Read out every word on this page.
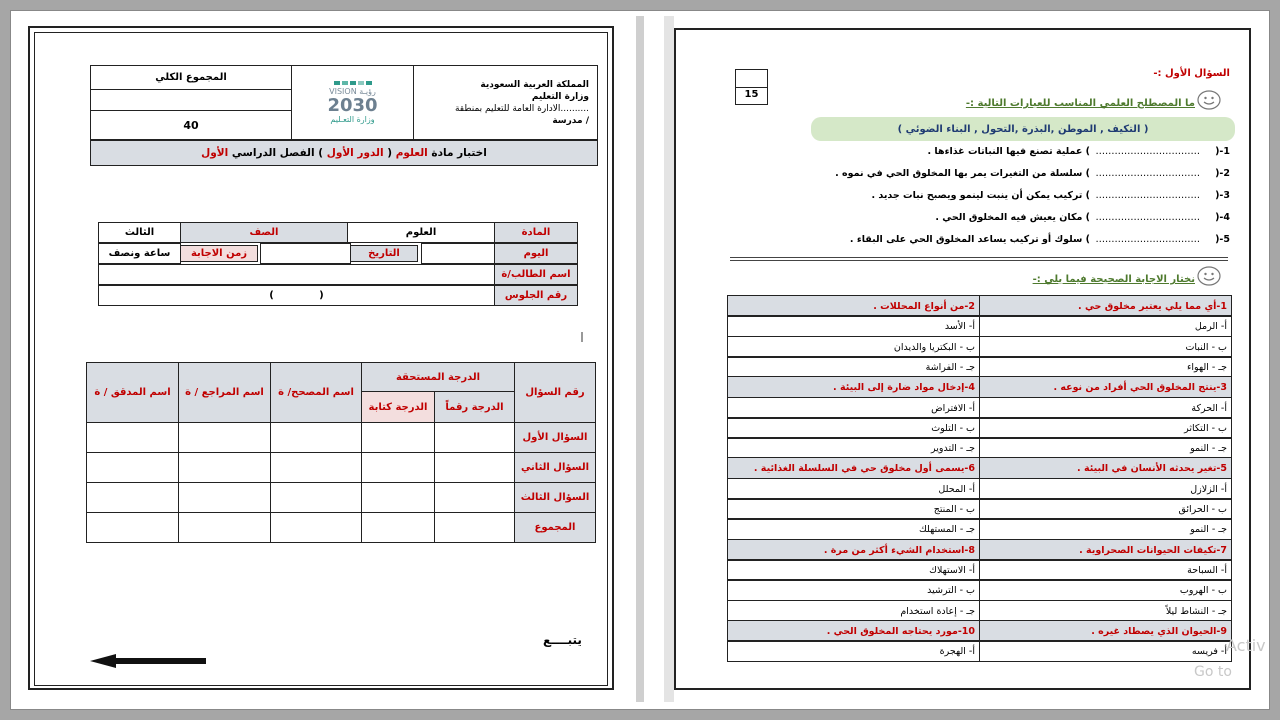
المجموع الكلي
40
VISION رؤيـة
2030
وزارة التعـليم
المملكة العربية السعودية
وزارة التعليم
الادارة العامة للتعليم بمنطقة..........
مدرسة /
اختبار مادة

العلوم

(

الدور الأول

)

الفصل الدراسي

الأول
المادة
العلوم
الصف
الثالث
اليوم
التاريخ
زمن الاجابة
ساعة ونصف
اسم الطالب/ة
رقم الجلوس
(             )
رقم السؤال
الدرجة المستحقة
الدرجة رقماً
الدرجة كتابة
اسم المصحح/ ة
اسم المراجع / ة
اسم المدقق / ة
السؤال الأول
السؤال الثاني
السؤال الثالث
المجموع
يتبــــع
السؤال الأول :-
15
ما المصطلح العلمي المناسب للعبارات التالية :-
( التكيف , الموطن ,البذرة ,التحول , البناء الضوئي )
1-(
……………………………
) عملية تصنع فيها النباتات غذاءها .
2-(
……………………………
) سلسلة من التغيرات يمر بها المخلوق الحي في نموه .
3-(
……………………………
) تركيب يمكن أن ينبت لينمو ويصبح نبات جديد .
4-(
……………………………
) مكان يعيش فيه المخلوق الحي .
5-(
……………………………
) سلوك أو تركيب يساعد المخلوق الحي على البقاء .
نختار الاجابة الصحيحة فيما يلي :-
1-أي مما يلي يعتبر مخلوق حي .
2-من أنواع المحللات .
أ- الرمل
أ- الأسد
ب - النبات
ب - البكتريا والديدان
جـ - الهواء
جـ - الفراشة
3-ينتج المخلوق الحي أفراد من نوعه .
4-إدخال مواد ضارة إلى البيئة .
أ- الحركة
أ- الافتراض
ب - التكاثر
ب - التلوث
جـ - النمو
جـ - التدوير
5-تغير يحدثه الأنسان في البيئة .
6-يسمى أول مخلوق حي في السلسلة الغذائية .
أ- الزلازل
أ- المحلل
ب - الحرائق
ب - المنتج
جـ - النمو
جـ - المستهلك
7-تكيفات الحيوانات الصحراوية .
8-استخدام الشيء أكثر من مرة .
أ- السباحة
أ- الاستهلاك
ب - الهروب
ب - الترشيد
جـ - النشاط ليلاً
جـ - إعادة استخدام
9-الحيوان الذي يصطاد غيره .
10-مورد يحتاجه المخلوق الحي .
أ- فريسه
أ- الهجرة	Activ
Go to
